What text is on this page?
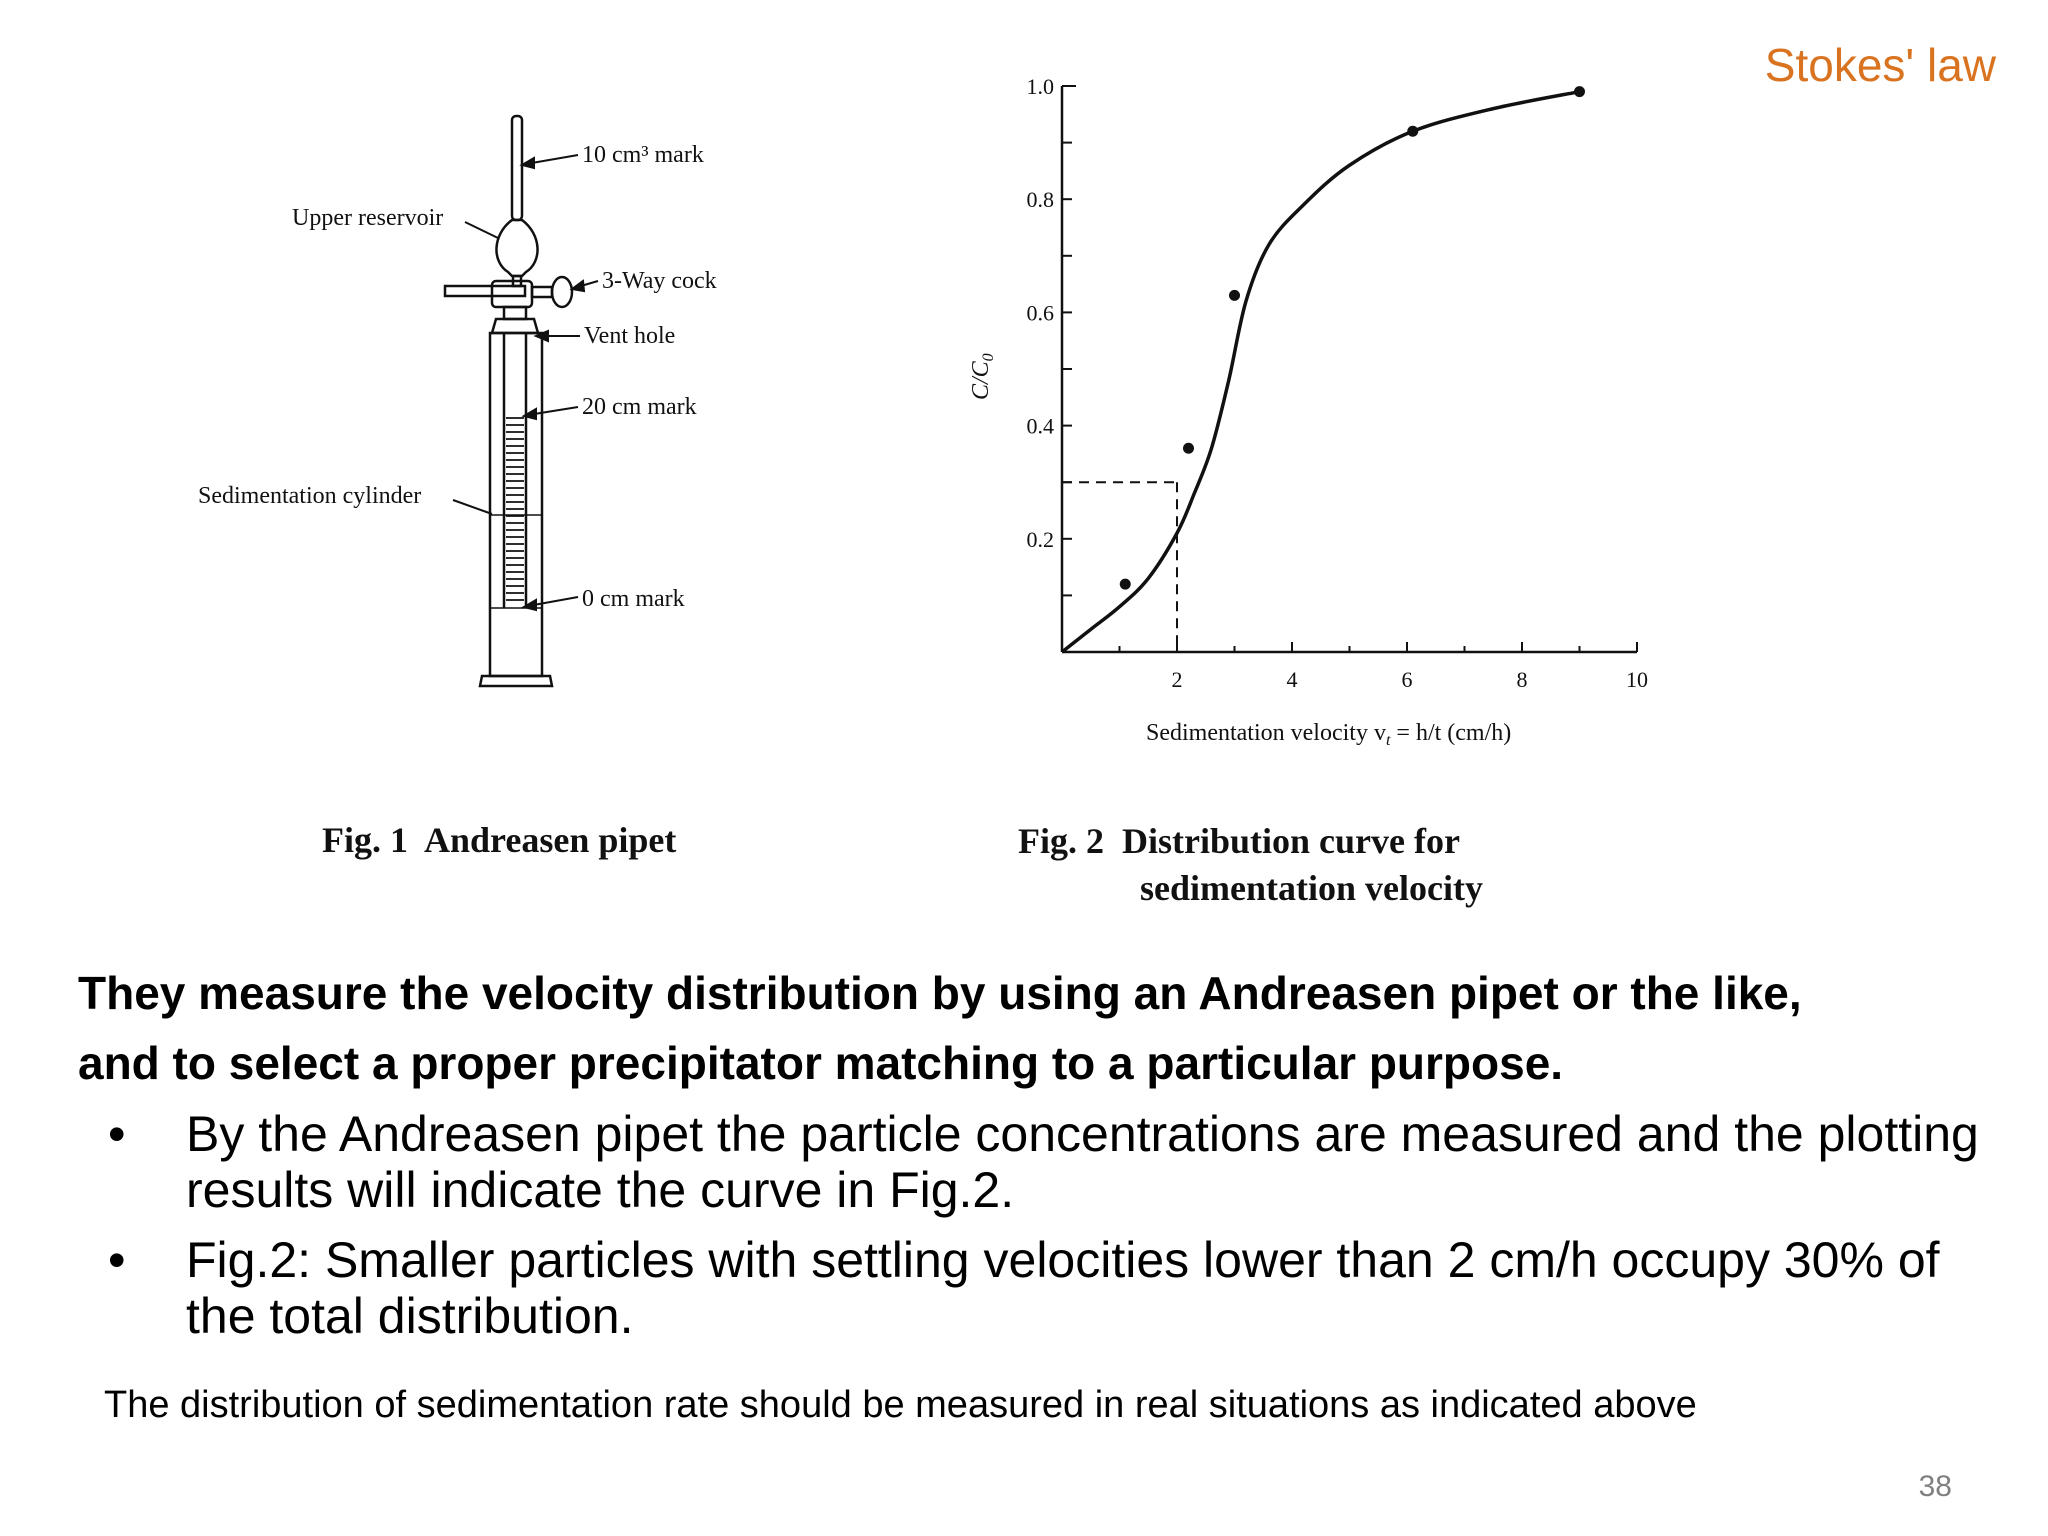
Stokes' law
10 cm³ mark
Upper reservoir
3-Way cock
Vent hole
20 cm mark
Sedimentation cylinder
0 cm mark
Fig. 1  Andreasen pipet
2	4	6	8	10
0.2
0.4
0.6
0.8
1.0
$C/C_0$
Sedimentation velocity $v_t = h/t$ (cm/h)
Fig. 2  Distribution curve for
sedimentation velocity
They measure the velocity distribution by using an Andreasen pipet or the like,
and to select a proper precipitator matching to a particular purpose.
• By the Andreasen pipet the particle concentrations are measured and the plotting results will indicate the curve in Fig.2.
• Fig.2: Smaller particles with settling velocities lower than 2 cm/h occupy 30% of the total distribution.
The distribution of sedimentation rate should be measured in real situations as indicated above
38
